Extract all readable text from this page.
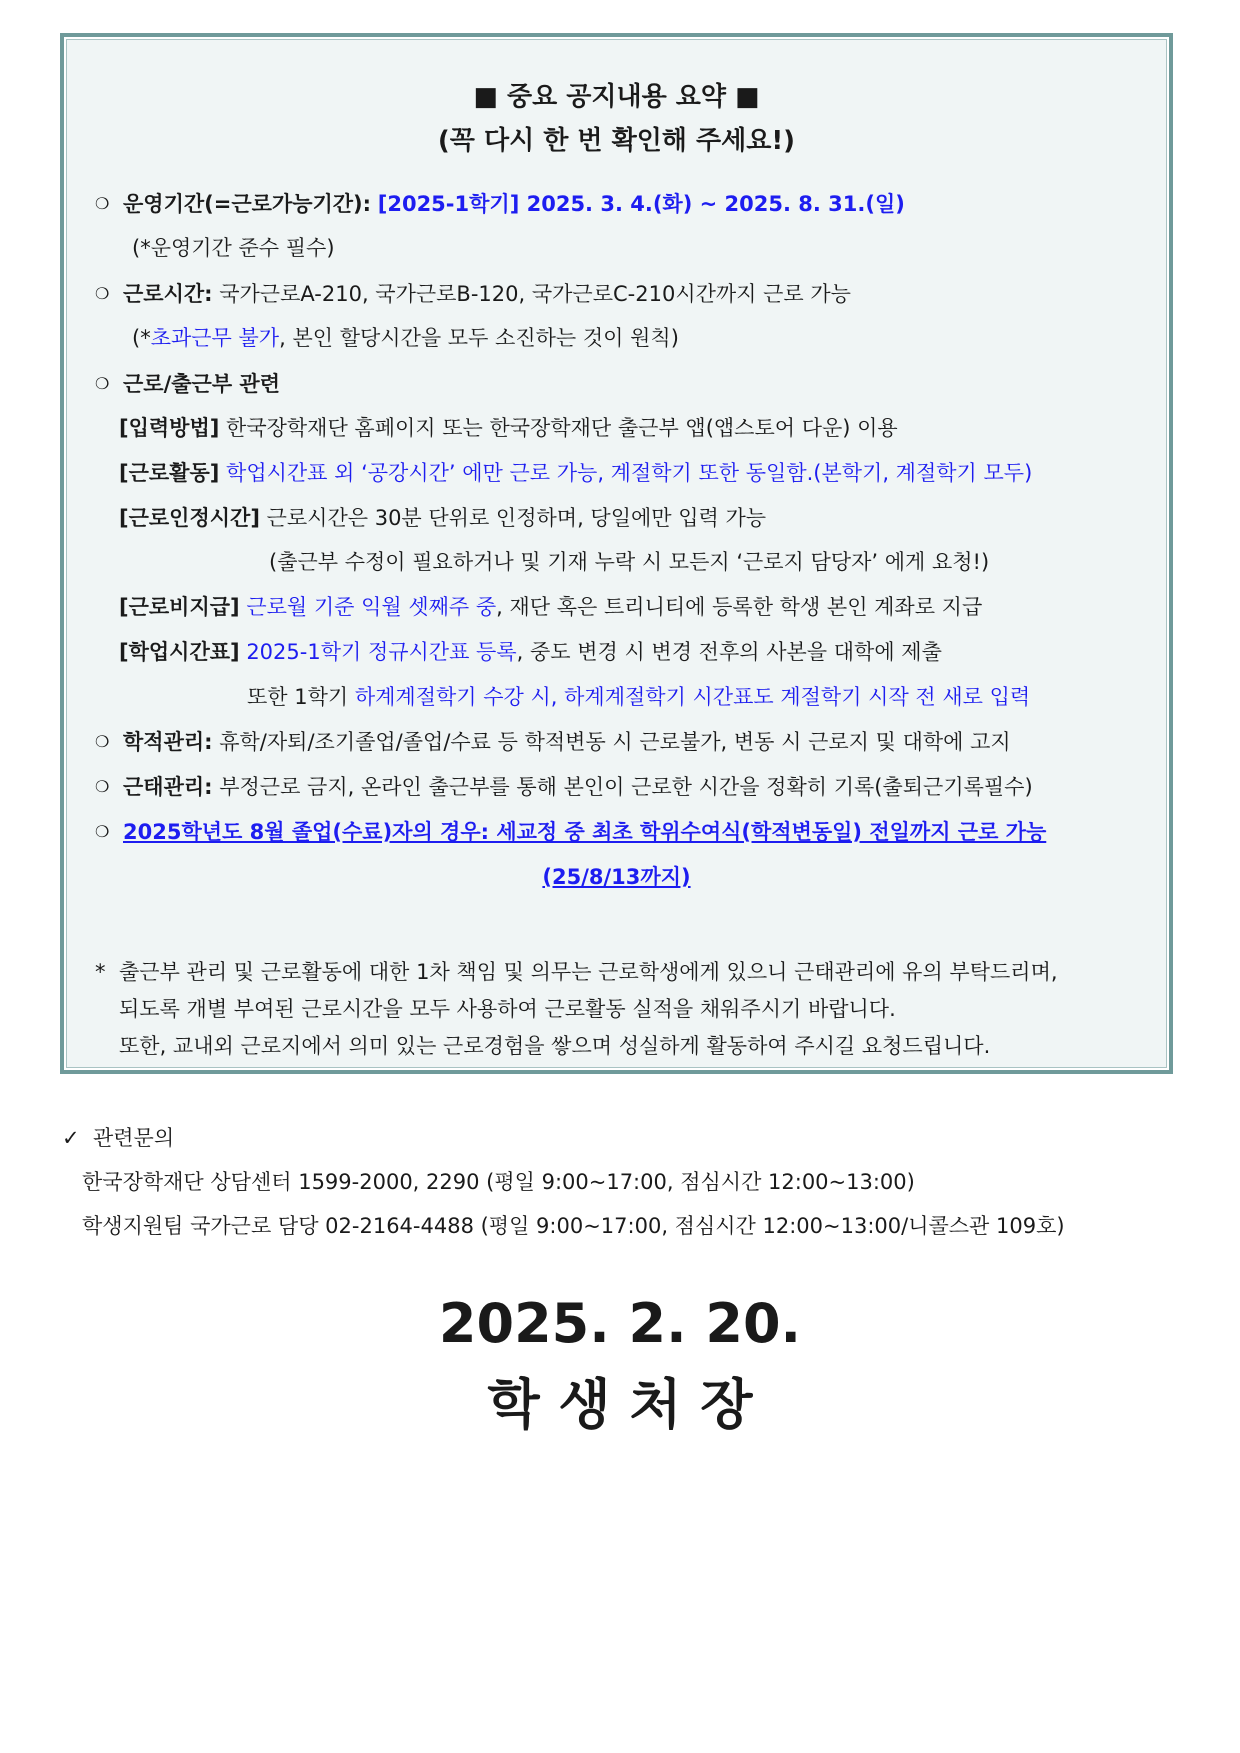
■ 중요 공지내용 요약 ■
(꼭 다시 한 번 확인해 주세요!)
❍ 운영기간(=근로가능기간): [2025-1학기] 2025. 3. 4.(화) ~ 2025. 8. 31.(일)
(*운영기간 준수 필수)
❍ 근로시간: 국가근로A-210, 국가근로B-120, 국가근로C-210시간까지 근로 가능
(*초과근무 불가, 본인 할당시간을 모두 소진하는 것이 원칙)
❍ 근로/출근부 관련
[입력방법] 한국장학재단 홈페이지 또는 한국장학재단 출근부 앱(앱스토어 다운) 이용
[근로활동] 학업시간표 외 ‘공강시간’ 에만 근로 가능, 계절학기 또한 동일함.(본학기, 계절학기 모두)
[근로인정시간] 근로시간은 30분 단위로 인정하며, 당일에만 입력 가능
(출근부 수정이 필요하거나 및 기재 누락 시 모든지 ‘근로지 담당자’ 에게 요청!)
[근로비지급] 근로월 기준 익월 셋째주 중, 재단 혹은 트리니티에 등록한 학생 본인 계좌로 지급
[학업시간표] 2025-1학기 정규시간표 등록, 중도 변경 시 변경 전후의 사본을 대학에 제출
또한 1학기 하계계절학기 수강 시, 하계계절학기 시간표도 계절학기 시작 전 새로 입력
❍ 학적관리: 휴학/자퇴/조기졸업/졸업/수료 등 학적변동 시 근로불가, 변동 시 근로지 및 대학에 고지
❍ 근태관리: 부정근로 금지, 온라인 출근부를 통해 본인이 근로한 시간을 정확히 기록(출퇴근기록필수)
❍ 2025학년도 8월 졸업(수료)자의 경우: 세교정 중 최초 학위수여식(학적변동일) 전일까지 근로 가능
(25/8/13까지)
* 출근부 관리 및 근로활동에 대한 1차 책임 및 의무는 근로학생에게 있으니 근태관리에 유의 부탁드리며,
되도록 개별 부여된 근로시간을 모두 사용하여 근로활동 실적을 채워주시기 바랍니다.
또한, 교내외 근로지에서 의미 있는 근로경험을 쌓으며 성실하게 활동하여 주시길 요청드립니다.
✓ 관련문의
한국장학재단 상담센터 1599-2000, 2290 (평일 9:00~17:00, 점심시간 12:00~13:00)
학생지원팀 국가근로 담당 02-2164-4488 (평일 9:00~17:00, 점심시간 12:00~13:00/니콜스관 109호)
2025. 2. 20.
학 생 처 장
